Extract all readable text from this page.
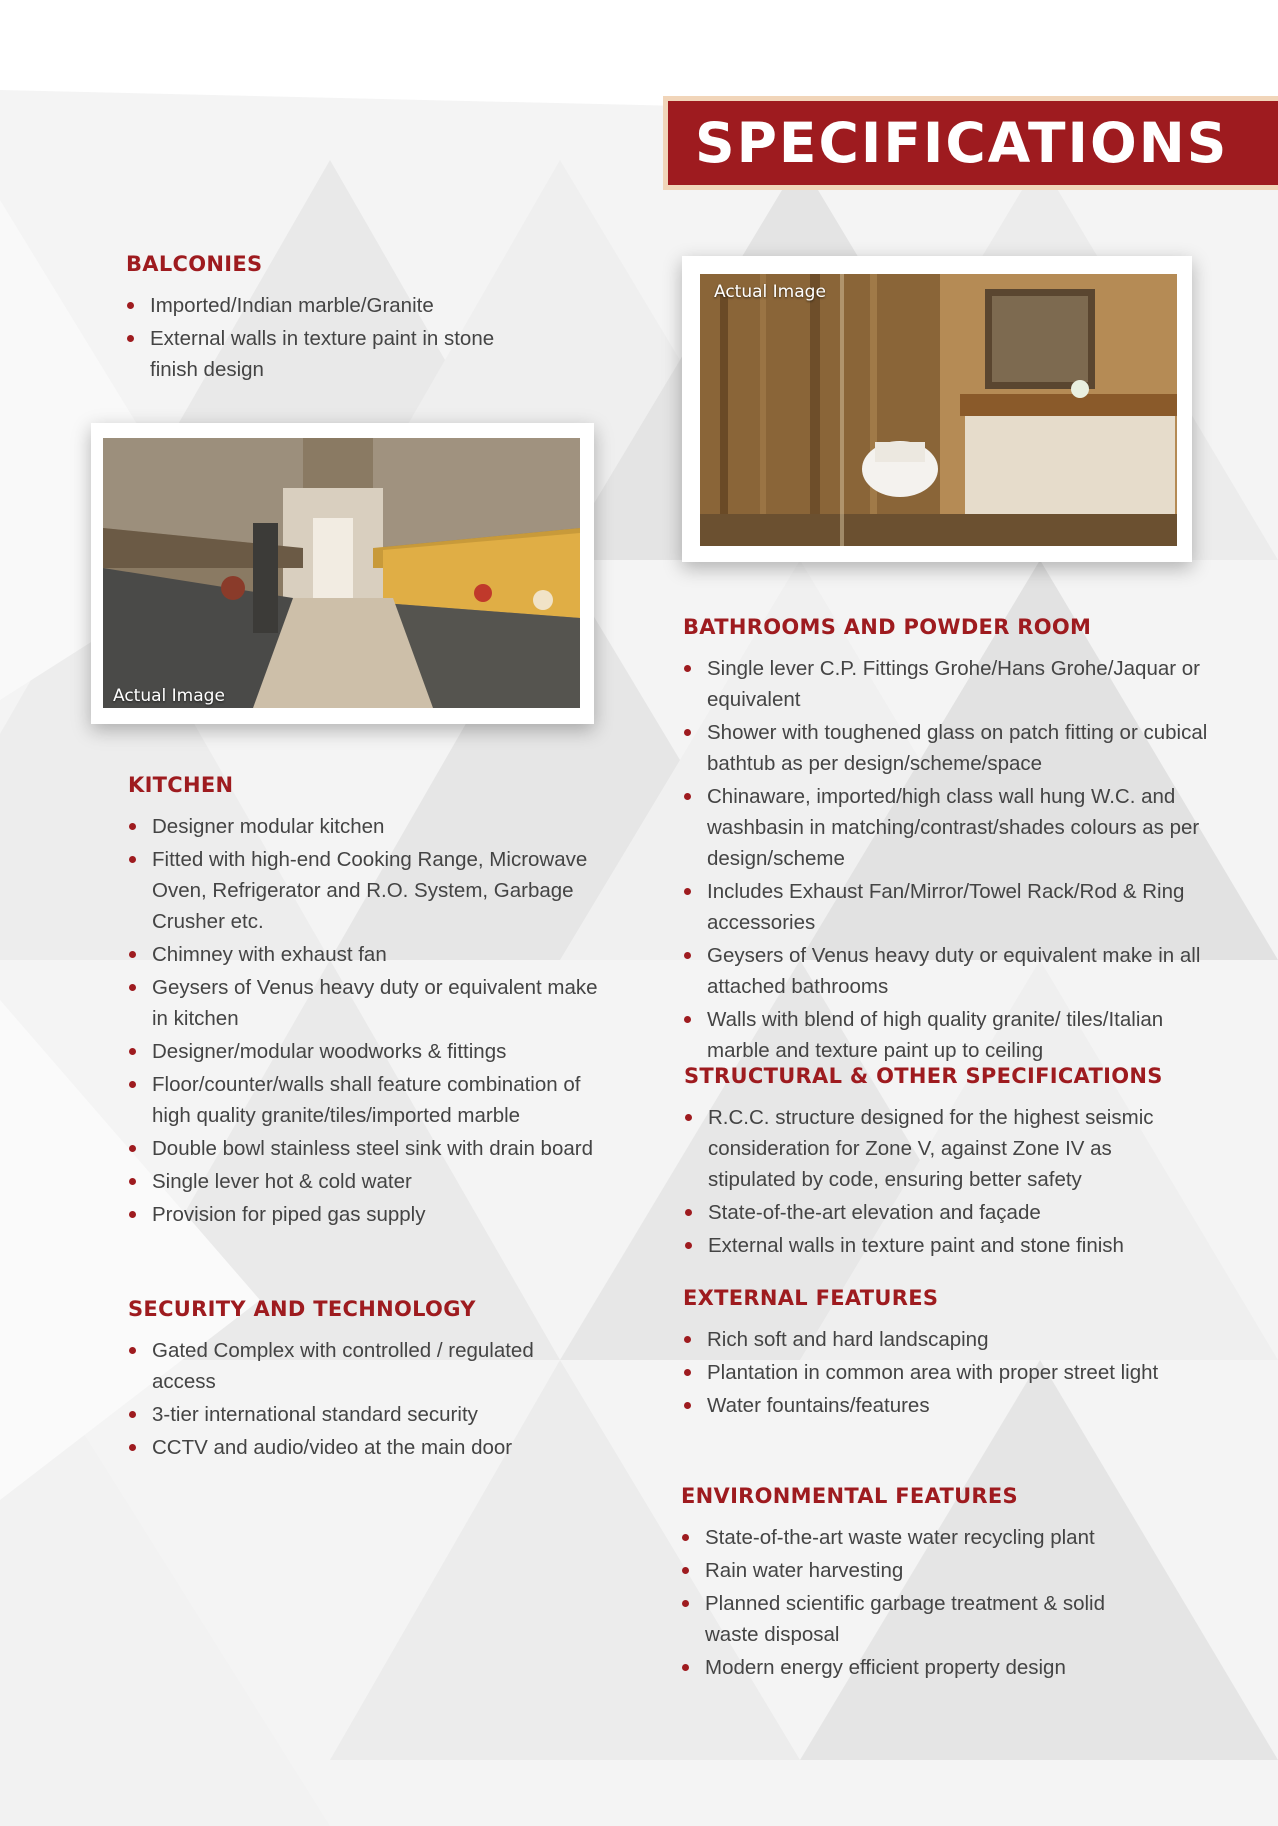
SPECIFICATIONS
BALCONIES
Imported/Indian marble/Granite
External walls in texture paint in stone finish design
Actual Image
KITCHEN
Designer modular kitchen
Fitted with high-end Cooking Range, Microwave Oven, Refrigerator and R.O. System, Garbage Crusher etc.
Chimney with exhaust fan
Geysers of Venus heavy duty or equivalent make in kitchen
Designer/modular woodworks & fittings
Floor/counter/walls shall feature combination of high quality granite/tiles/imported marble
Double bowl stainless steel sink with drain board
Single lever hot & cold water
Provision for piped gas supply
SECURITY AND TECHNOLOGY
Gated Complex with controlled / regulated access
3-tier international standard security
CCTV and audio/video at the main door
Actual Image
BATHROOMS AND POWDER ROOM
Single lever C.P. Fittings Grohe/Hans Grohe/Jaquar or equivalent
Shower with toughened glass on patch fitting or cubical bathtub as per design/scheme/space
Chinaware, imported/high class wall hung W.C. and washbasin in matching/contrast/shades colours as per design/scheme
Includes Exhaust Fan/Mirror/Towel Rack/Rod & Ring accessories
Geysers of Venus heavy duty or equivalent make in all attached bathrooms
Walls with blend of high quality granite/ tiles/Italian marble and texture paint up to ceiling
STRUCTURAL & OTHER SPECIFICATIONS
R.C.C. structure designed for the highest seismic consideration for Zone V, against Zone IV as stipulated by code, ensuring better safety
State-of-the-art elevation and façade
External walls in texture paint and stone finish
EXTERNAL FEATURES
Rich soft and hard landscaping
Plantation in common area with proper street light
Water fountains/features
ENVIRONMENTAL FEATURES
State-of-the-art waste water recycling plant
Rain water harvesting
Planned scientific garbage treatment & solid waste disposal
Modern energy efficient property design
